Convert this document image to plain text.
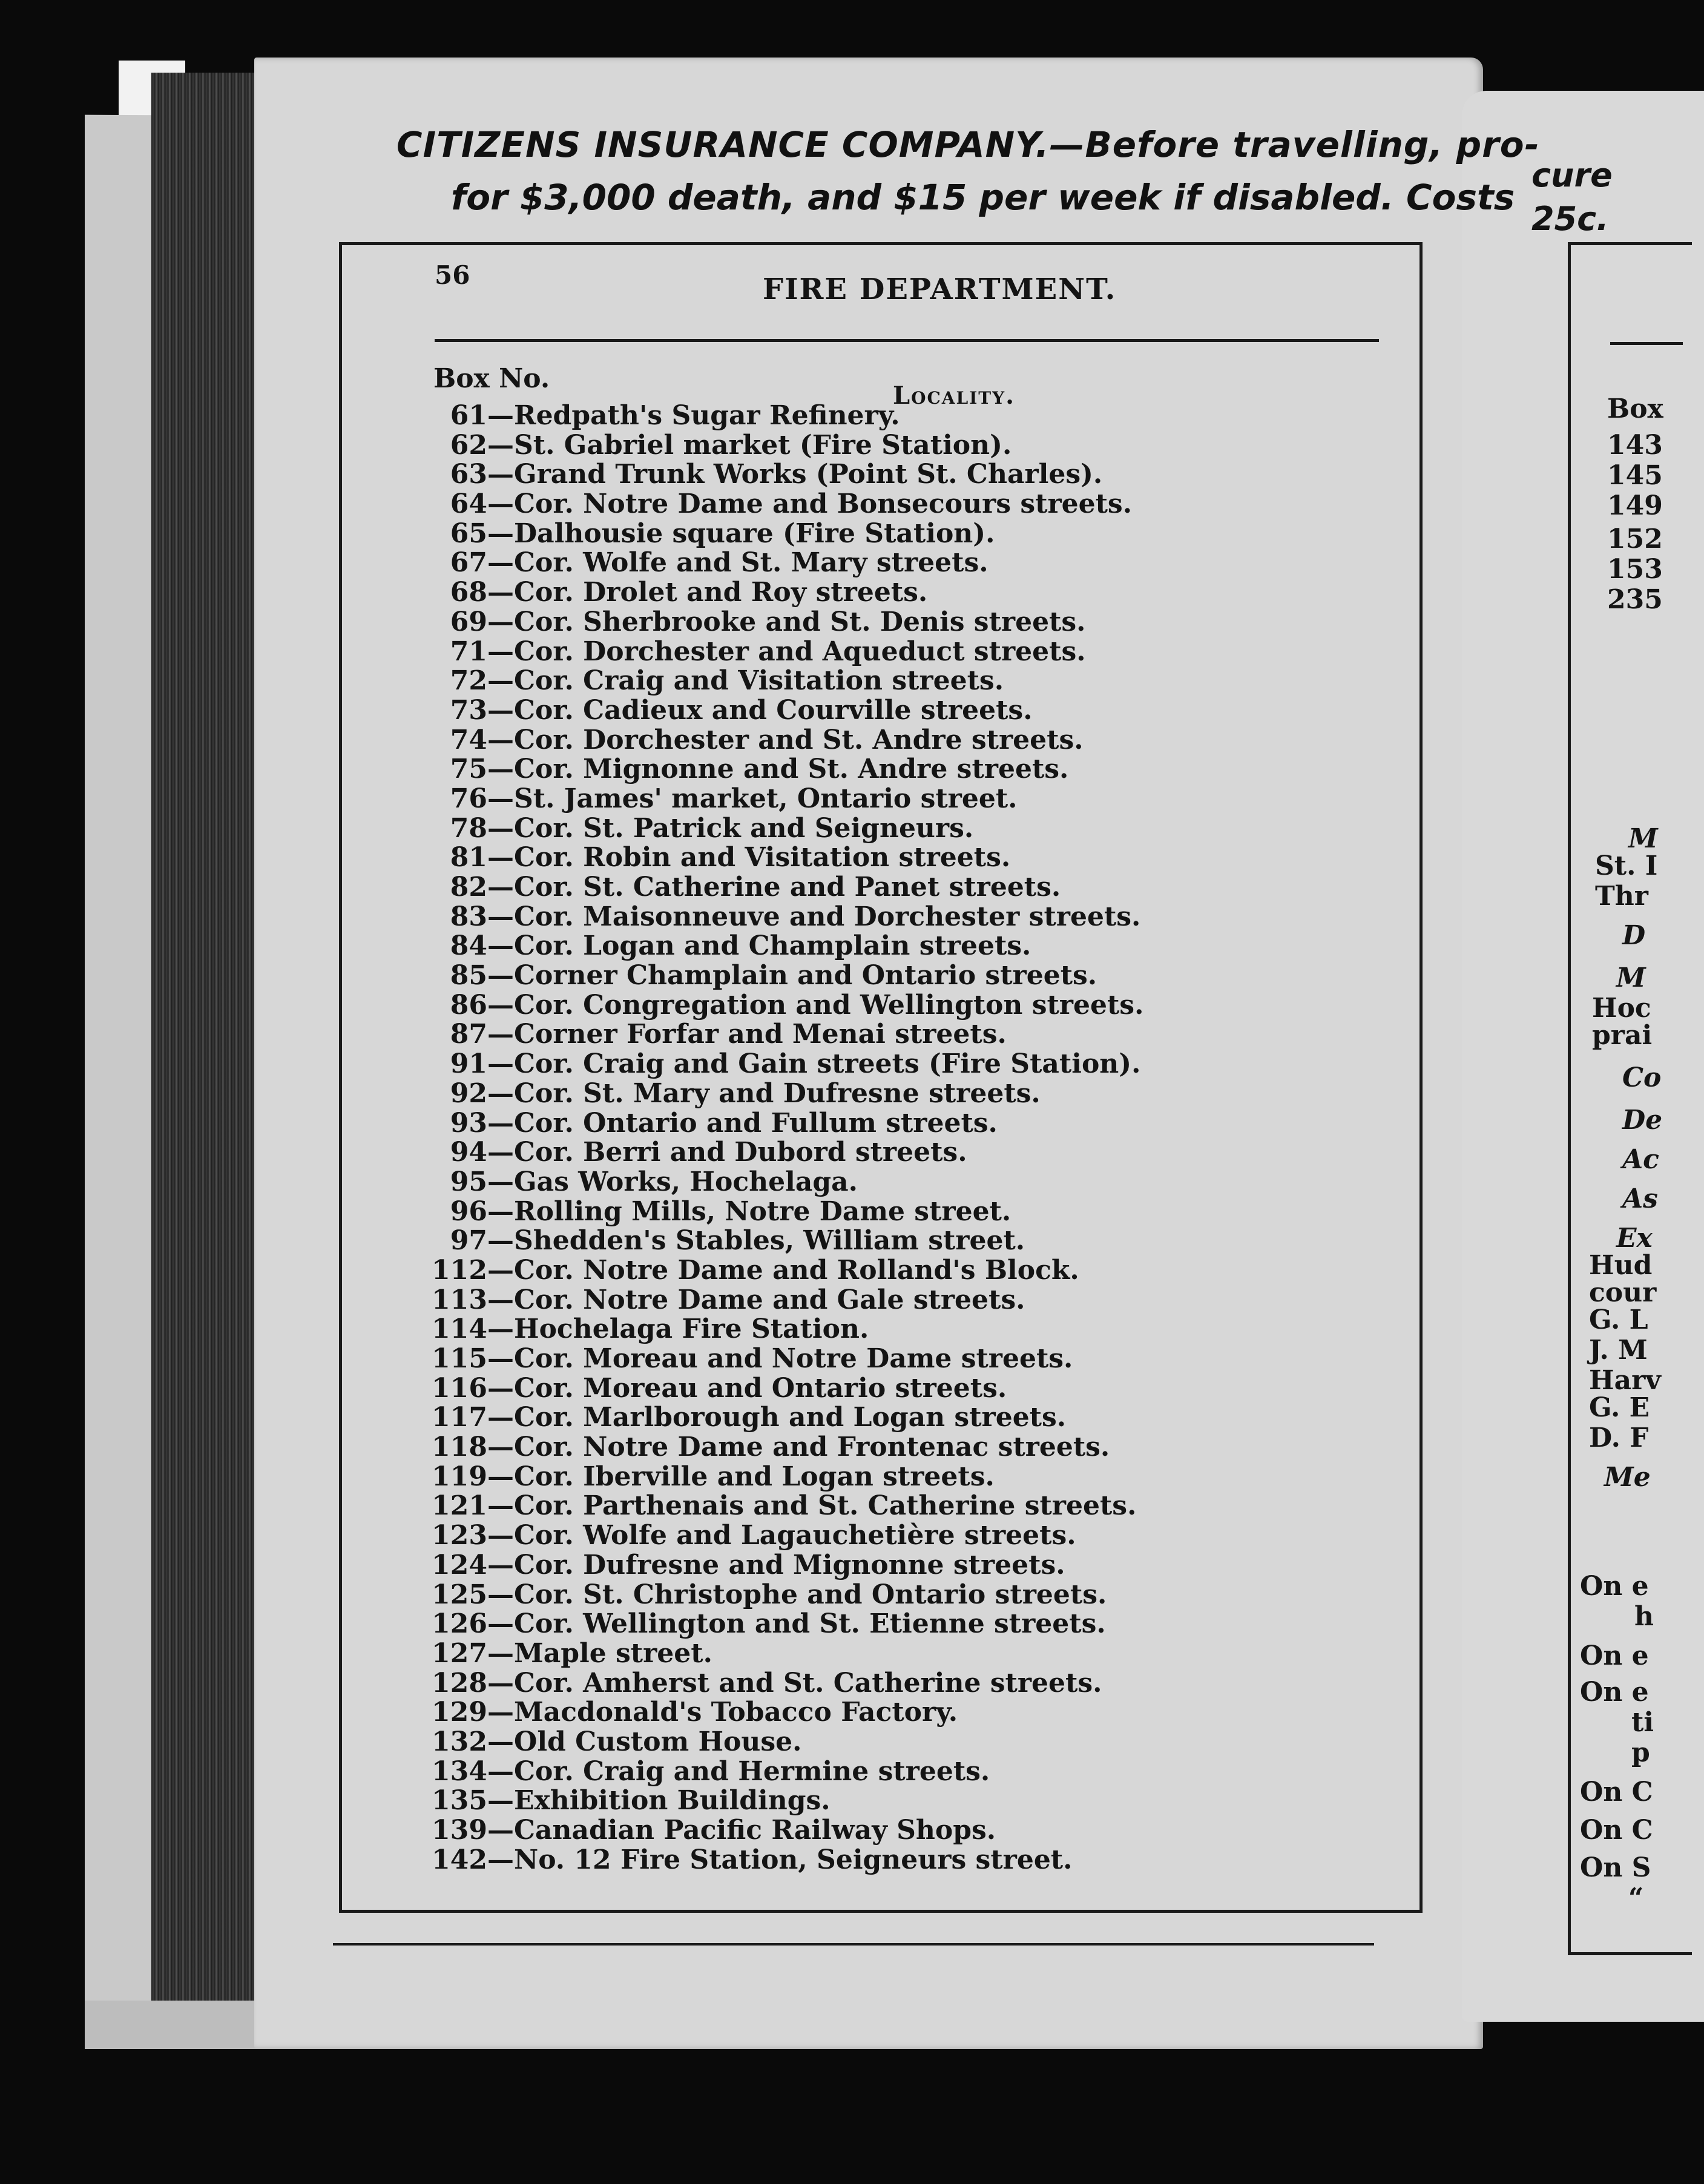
CITIZENS INSURANCE COMPANY.—Before travelling, pro-

for $3,000 death, and $15 per week if disabled. Costs

56	FIRE DEPARTMENT.

Box No.

Locality.

61 — Redpath's Sugar Refinery.
62 — St. Gabriel market (Fire Station).
63 — Grand Trunk Works (Point St. Charles).
64 — Cor. Notre Dame and Bonsecours streets.
65 — Dalhousie square (Fire Station).
67 — Cor. Wolfe and St. Mary streets.
68 — Cor. Drolet and Roy streets.
69 — Cor. Sherbrooke and St. Denis streets.
71 — Cor. Dorchester and Aqueduct streets.
72 — Cor. Craig and Visitation streets.
73 — Cor. Cadieux and Courville streets.
74 — Cor. Dorchester and St. Andre streets.
75 — Cor. Mignonne and St. Andre streets.
76 — St. James' market, Ontario street.
78 — Cor. St. Patrick and Seigneurs.
81 — Cor. Robin and Visitation streets.
82 — Cor. St. Catherine and Panet streets.
83 — Cor. Maisonneuve and Dorchester streets.
84 — Cor. Logan and Champlain streets.
85 — Corner Champlain and Ontario streets.
86 — Cor. Congregation and Wellington streets.
87 — Corner Forfar and Menai streets.
91 — Cor. Craig and Gain streets (Fire Station).
92 — Cor. St. Mary and Dufresne streets.
93 — Cor. Ontario and Fullum streets.
94 — Cor. Berri and Dubord streets.
95 — Gas Works, Hochelaga.
96 — Rolling Mills, Notre Dame street.
97 — Shedden's Stables, William street.
112 — Cor. Notre Dame and Rolland's Block.
113 — Cor. Notre Dame and Gale streets.
114 — Hochelaga Fire Station.
115 — Cor. Moreau and Notre Dame streets.
116 — Cor. Moreau and Ontario streets.
117 — Cor. Marlborough and Logan streets.
118 — Cor. Notre Dame and Frontenac streets.
119 — Cor. Iberville and Logan streets.
121 — Cor. Parthenais and St. Catherine streets.
123 — Cor. Wolfe and Lagauchetière streets.
124 — Cor. Dufresne and Mignonne streets.
125 — Cor. St. Christophe and Ontario streets.
126 — Cor. Wellington and St. Etienne streets.
127 — Maple street.
128 — Cor. Amherst and St. Catherine streets.
129 — Macdonald's Tobacco Factory.
132 — Old Custom House.
134 — Cor. Craig and Hermine streets.
135 — Exhibition Buildings.
139 — Canadian Pacific Railway Shops.
142 — No. 12 Fire Station, Seigneurs street.

cure

25c.

Box

143

145

149

152

153

235

M

St. I

Thr

D

M

Hoc

prai

Co

De

Ac

As

Ex

Hud

cour

G. L

J. M

Harv

G. E

D. F

Me

On e

h

On e

On e

ti

p

On C

On C

On S

“
